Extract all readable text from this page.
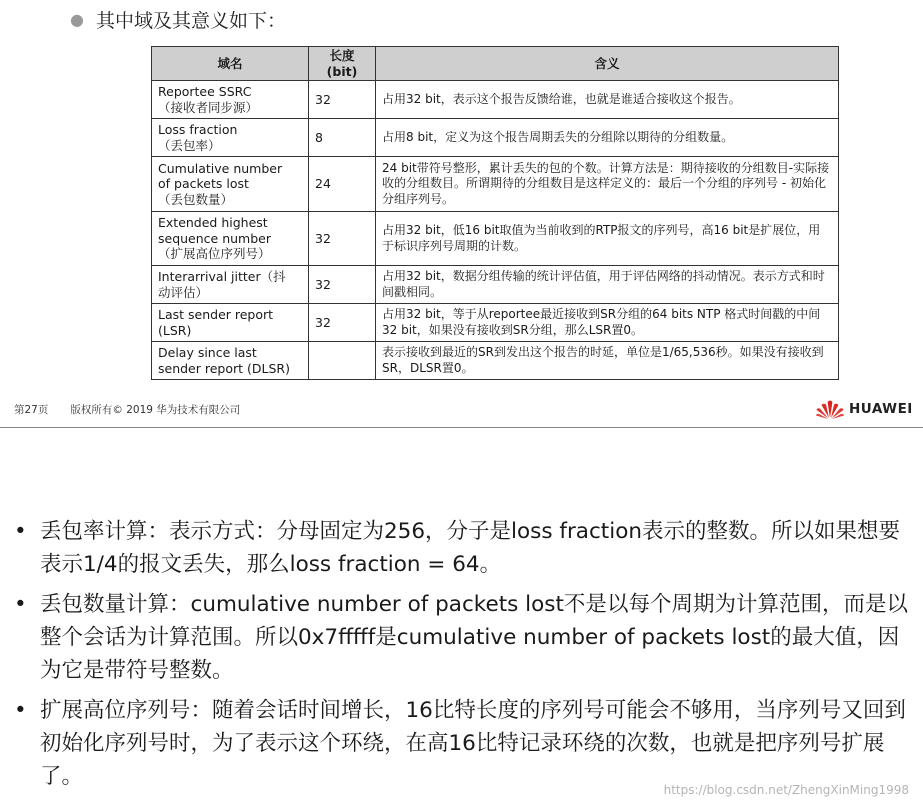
● 其中域及其意义如下：
域名	长度(bit)	含义
Reportee SSRC
（接收者同步源）	32	占用32 bit，表示这个报告反馈给谁，也就是谁适合接收这个报告。
Loss fraction
（丢包率）	8	占用8 bit，定义为这个报告周期丢失的分组除以期待的分组数量。
Cumulative number
of packets lost
（丢包数量）	24	24 bit带符号整形，累计丢失的包的个数。计算方法是：期待接收的分组数目-实际接收的分组数目。所谓期待的分组数目是这样定义的：最后一个分组的序列号 - 初始化分组序列号。
Extended highest
sequence number
（扩展高位序列号）	32	占用32 bit，低16 bit取值为当前收到的RTP报文的序列号，高16 bit是扩展位，用于标识序列号周期的计数。
Interarrival jitter（抖
动评估）	32	占用32 bit，数据分组传输的统计评估值，用于评估网络的抖动情况。表示方式和时间戳相同。
Last sender report
(LSR)	32	占用32 bit，等于从reportee最近接收到SR分组的64 bits NTP 格式时间戳的中间32 bit，如果没有接收到SR分组，那么LSR置0。
Delay since last
sender report (DLSR)		表示接收到最近的SR到发出这个报告的时延，单位是1/65,536秒。如果没有接收到SR，DLSR置0。
第27页 版权所有© 2019 华为技术有限公司	HUAWEI
• 丢包率计算：表示方式：分母固定为256，分子是loss fraction表示的整数。所以如果想要表示1/4的报文丢失，那么loss fraction = 64。
• 丢包数量计算：cumulative number of packets lost不是以每个周期为计算范围，而是以整个会话为计算范围。所以0x7fffff是cumulative number of packets lost的最大值，因为它是带符号整数。
• 扩展高位序列号：随着会话时间增长，16比特长度的序列号可能会不够用，当序列号又回到初始化序列号时，为了表示这个环绕，在高16比特记录环绕的次数，也就是把序列号扩展了。
https://blog.csdn.net/ZhengXinMing1998
